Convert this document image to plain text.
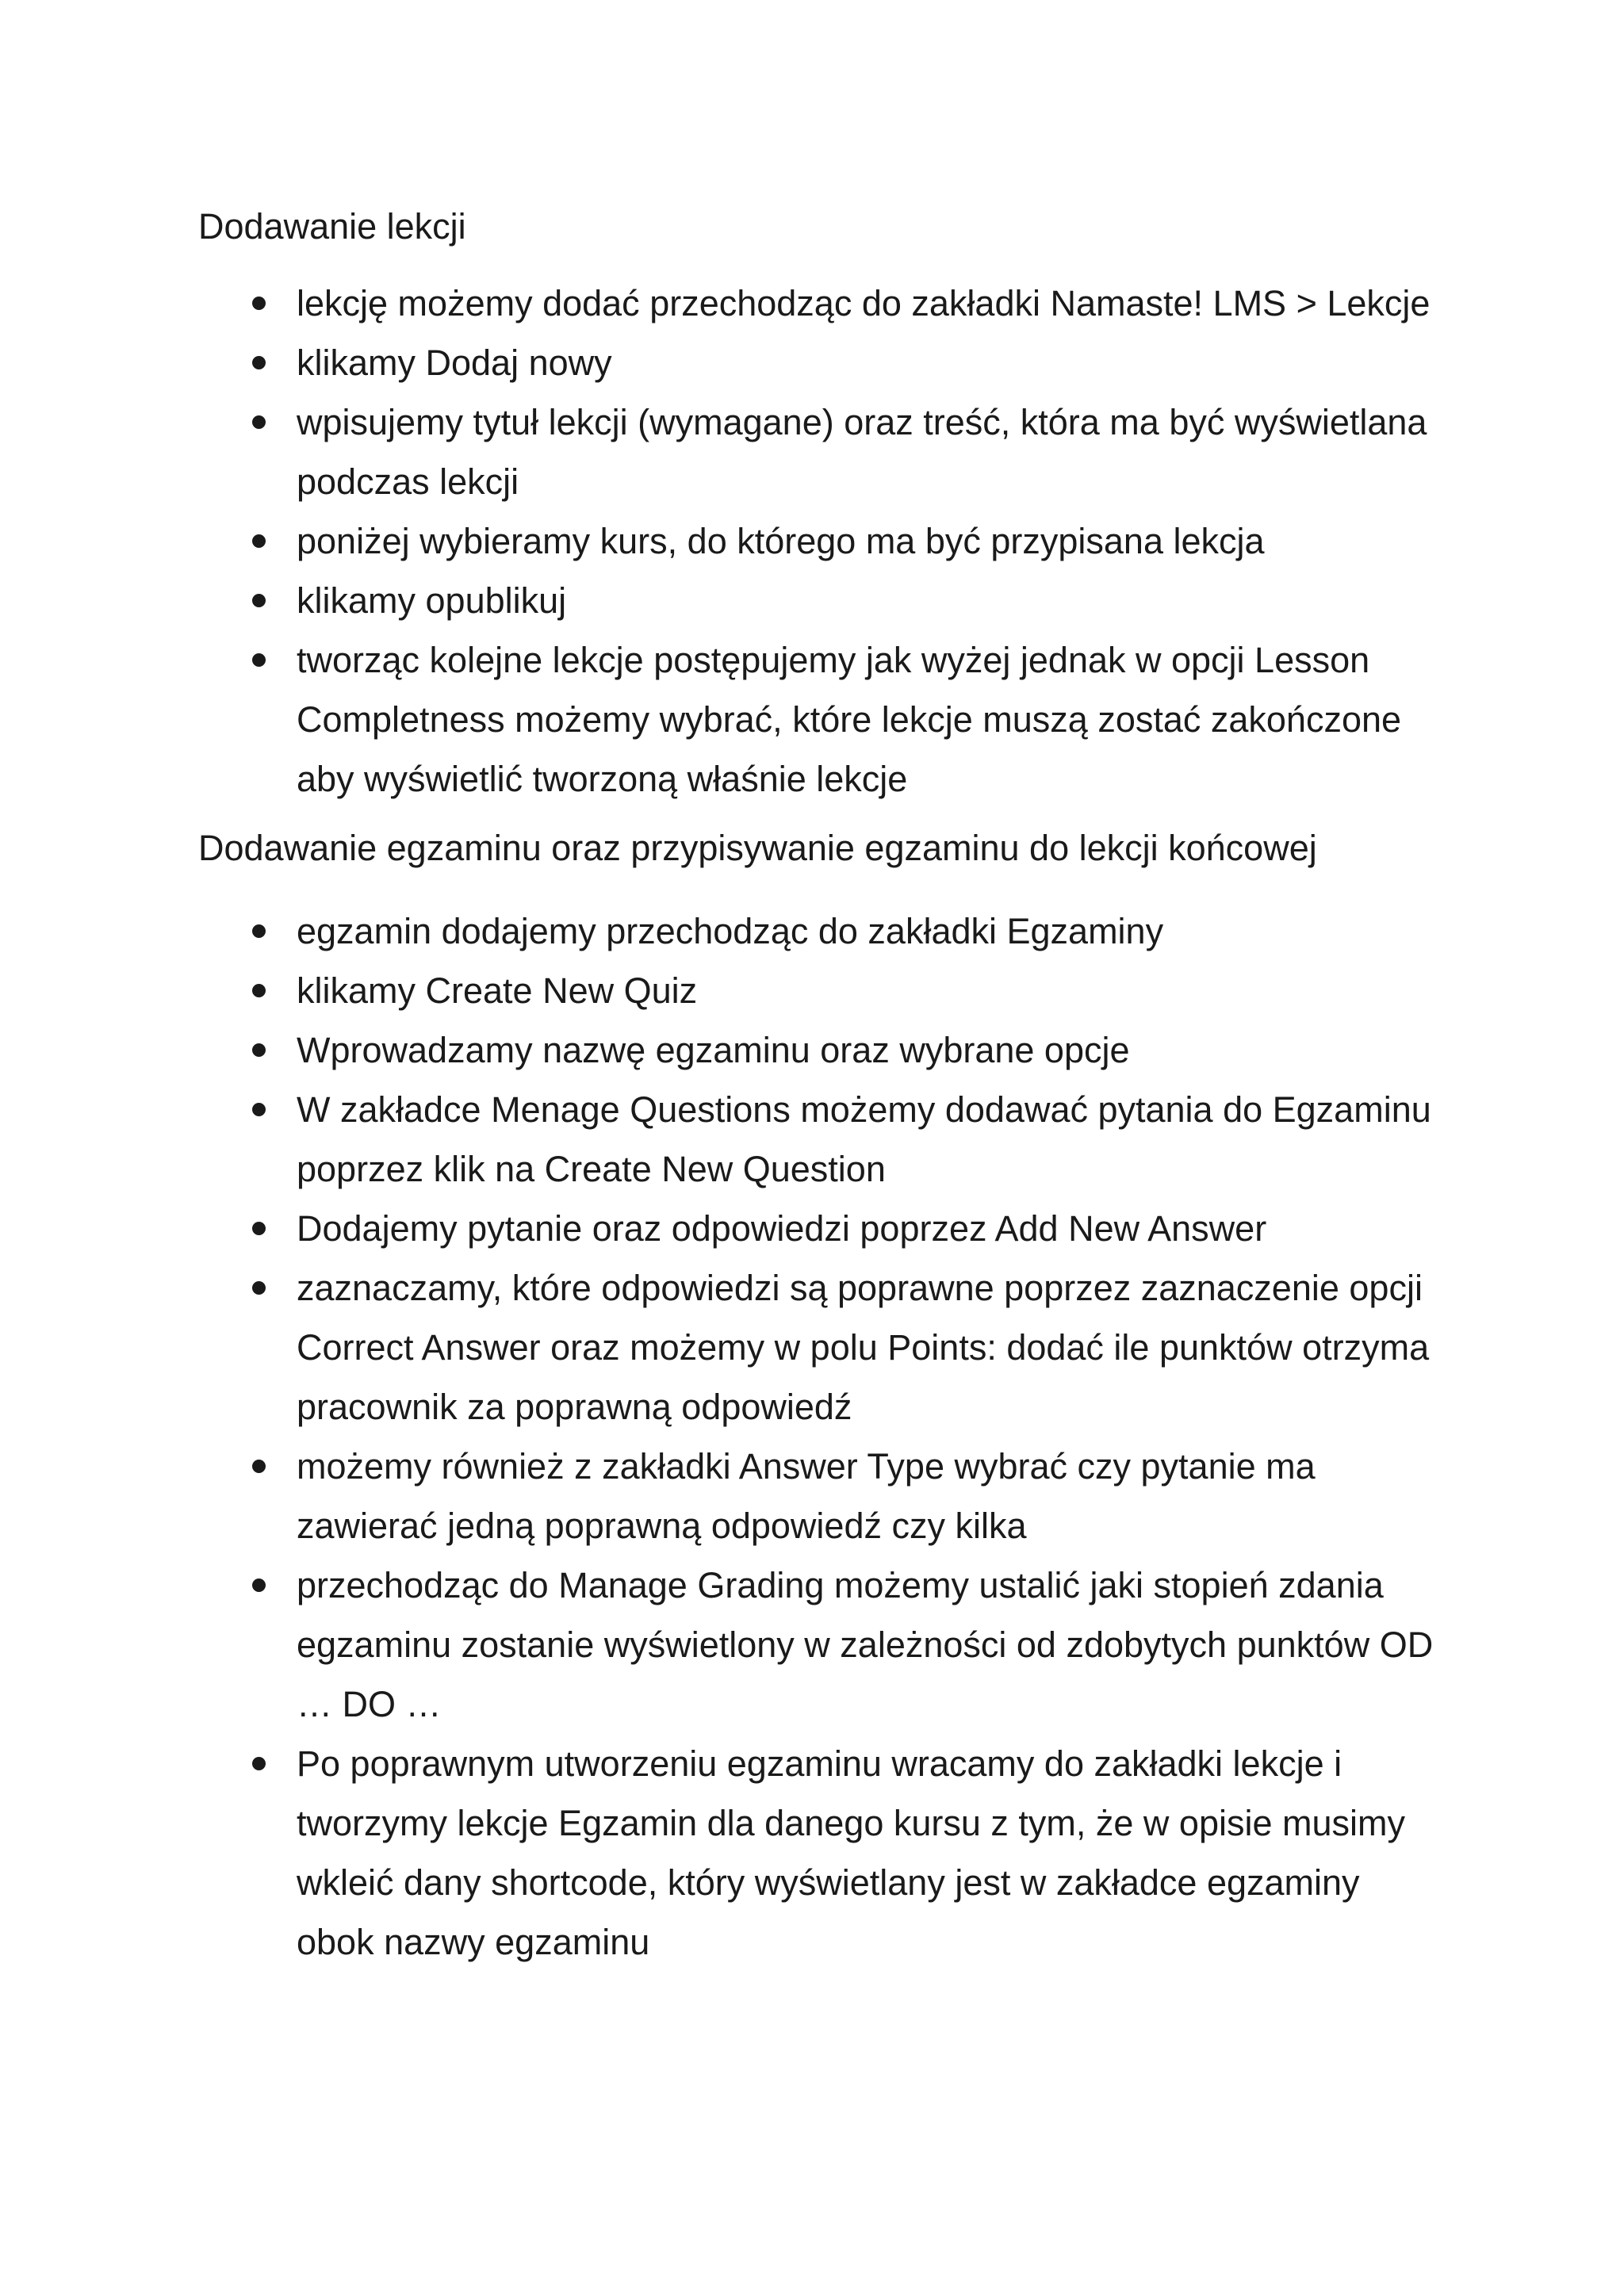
Dodawanie lekcji
lekcję możemy dodać przechodząc do zakładki Namaste! LMS > Lekcje
klikamy Dodaj nowy
wpisujemy tytuł lekcji (wymagane) oraz treść, która ma być wyświetlana podczas lekcji
poniżej wybieramy kurs, do którego ma być przypisana lekcja
klikamy opublikuj
tworząc kolejne lekcje postępujemy jak wyżej jednak w opcji Lesson Completness możemy wybrać, które lekcje muszą zostać zakończone aby wyświetlić tworzoną właśnie lekcje
Dodawanie egzaminu oraz przypisywanie egzaminu do lekcji końcowej
egzamin dodajemy przechodząc do zakładki Egzaminy
klikamy Create New Quiz
Wprowadzamy nazwę egzaminu oraz wybrane opcje
W zakładce Menage Questions możemy dodawać pytania do Egzaminu poprzez klik na Create New Question
Dodajemy pytanie oraz odpowiedzi poprzez Add New Answer
zaznaczamy, które odpowiedzi są poprawne poprzez zaznaczenie opcji Correct Answer oraz możemy w polu Points: dodać ile punktów otrzyma pracownik za poprawną odpowiedź
możemy również z zakładki Answer Type wybrać czy pytanie ma zawierać jedną poprawną odpowiedź czy kilka
przechodząc do Manage Grading możemy ustalić jaki stopień zdania egzaminu zostanie wyświetlony w zależności od zdobytych punktów OD … DO …
Po poprawnym utworzeniu egzaminu wracamy do zakładki lekcje i tworzymy lekcje Egzamin dla danego kursu z tym, że w opisie musimy wkleić dany shortcode, który wyświetlany jest w zakładce egzaminy obok nazwy egzaminu
